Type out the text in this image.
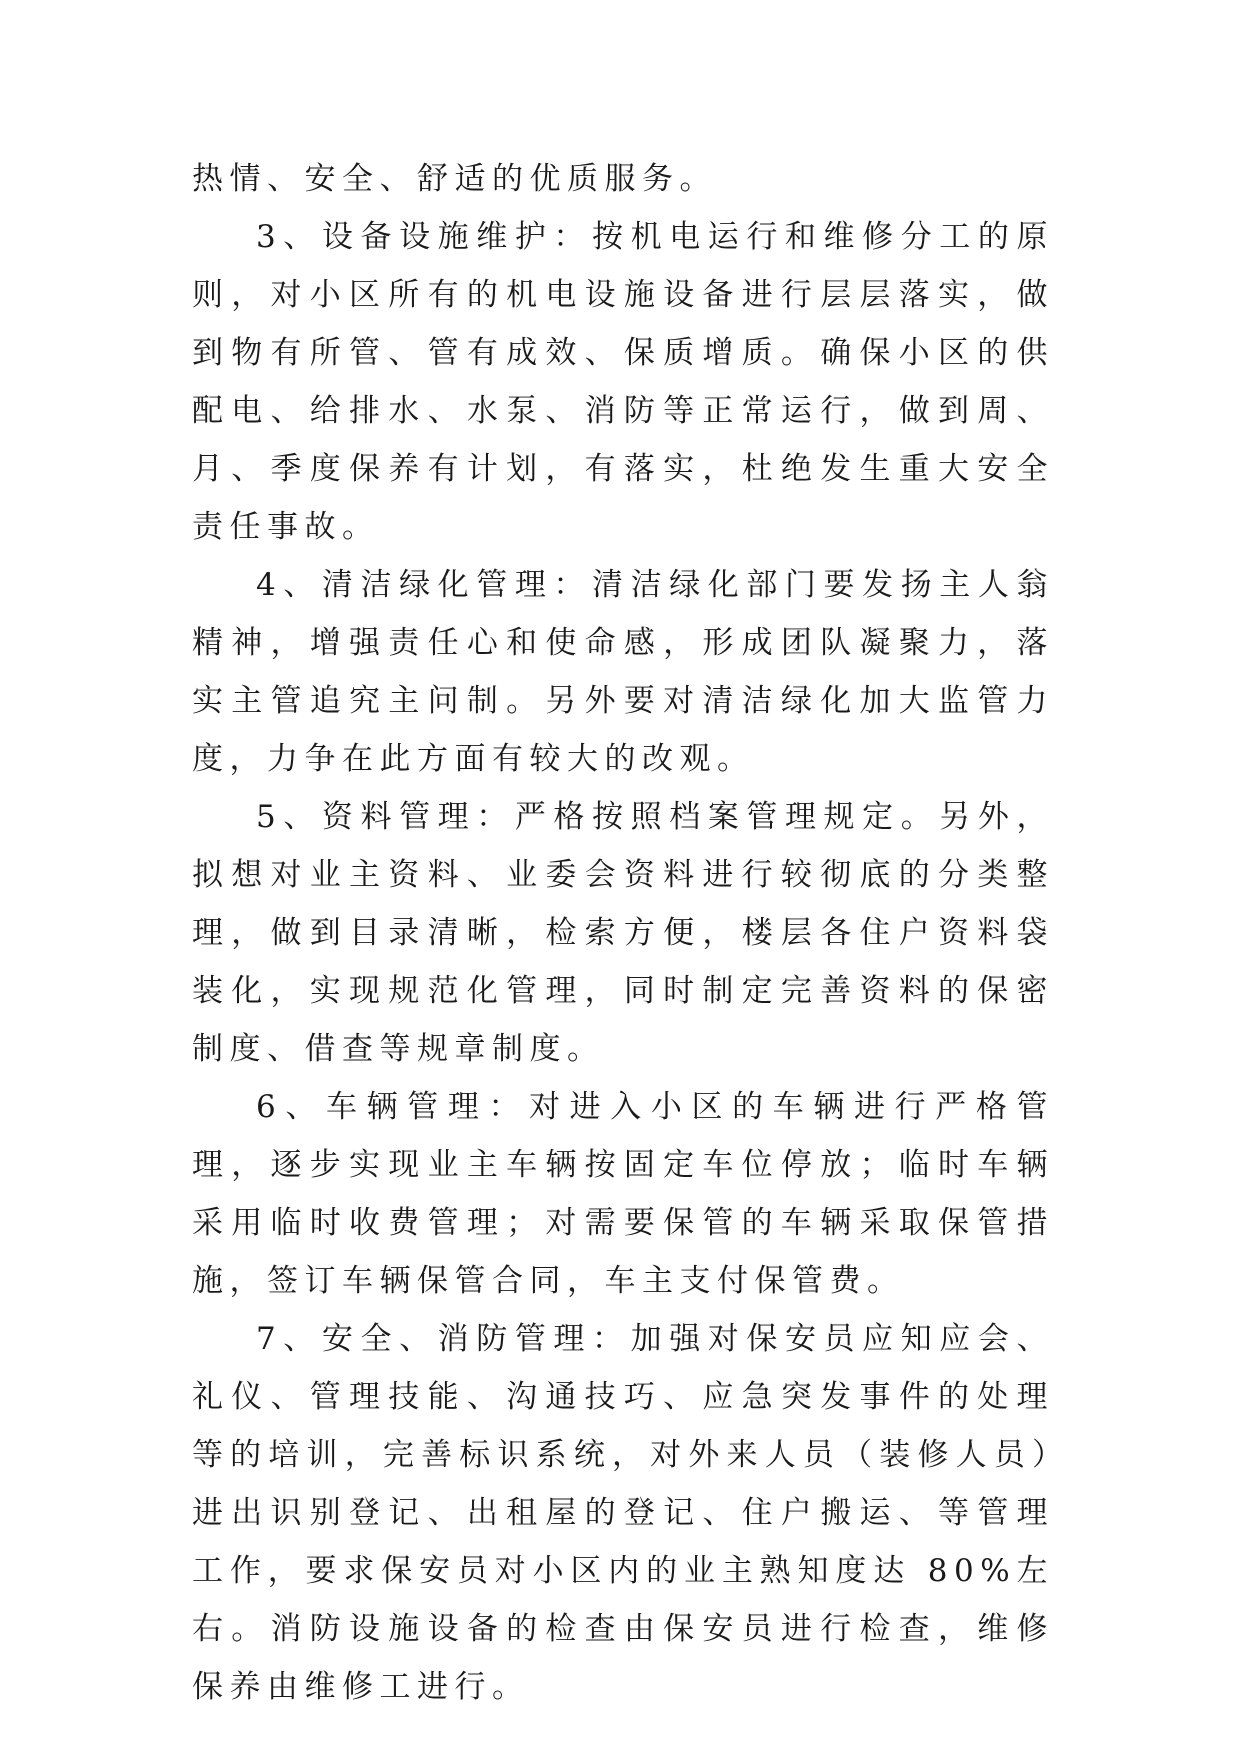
热情、安全、舒适的优质服务。

3、设备设施维护：按机电运行和维修分工的原则，对小区所有的机电设施设备进行层层落实，做到物有所管、管有成效、保质增质。确保小区的供配电、给排水、水泵、消防等正常运行，做到周、月、季度保养有计划，有落实，杜绝发生重大安全责任事故。

4、清洁绿化管理：清洁绿化部门要发扬主人翁精神，增强责任心和使命感，形成团队凝聚力，落实主管追究主问制。另外要对清洁绿化加大监管力度，力争在此方面有较大的改观。

5、资料管理：严格按照档案管理规定。另外，拟想对业主资料、业委会资料进行较彻底的分类整理，做到目录清晰，检索方便，楼层各住户资料袋装化，实现规范化管理，同时制定完善资料的保密制度、借查等规章制度。

6、车辆管理：对进入小区的车辆进行严格管理，逐步实现业主车辆按固定车位停放；临时车辆采用临时收费管理；对需要保管的车辆采取保管措施，签订车辆保管合同，车主支付保管费。

7、安全、消防管理：加强对保安员应知应会、礼仪、管理技能、沟通技巧、应急突发事件的处理等的培训，完善标识系统，对外来人员（装修人员）进出识别登记、出租屋的登记、住户搬运、等管理工作，要求保安员对小区内的业主熟知度达 80%左右。消防设施设备的检查由保安员进行检查，维修保养由维修工进行。
